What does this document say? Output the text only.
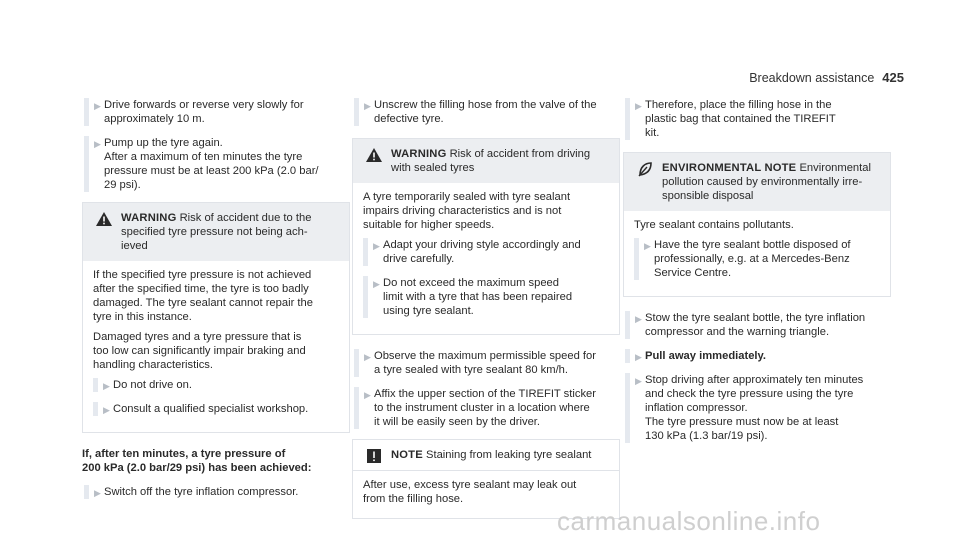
Breakdown assistance 425
▶ Drive forwards or reverse very slowly for
approximately 10 m.
▶ Pump up the tyre again.
After a maximum of ten minutes the tyre
pressure must be at least 200 kPa (2.0 bar/
29 psi).
WARNING Risk of accident due to the
specified tyre pressure not being ach-
ieved

If the specified tyre pressure is not achieved
after the specified time, the tyre is too badly
damaged. The tyre sealant cannot repair the
tyre in this instance.

Damaged tyres and a tyre pressure that is
too low can significantly impair braking and
handling characteristics.

▶ Do not drive on.
▶ Consult a qualified specialist workshop.
If, after ten minutes, a tyre pressure of
200 kPa (2.0 bar/29 psi) has been achieved:
▶ Switch off the tyre inflation compressor.
▶ Unscrew the filling hose from the valve of the
defective tyre.
WARNING Risk of accident from driving
with sealed tyres

A tyre temporarily sealed with tyre sealant
impairs driving characteristics and is not
suitable for higher speeds.

▶ Adapt your driving style accordingly and
drive carefully.
▶ Do not exceed the maximum speed
limit with a tyre that has been repaired
using tyre sealant.
▶ Observe the maximum permissible speed for
a tyre sealed with tyre sealant 80 km/h.
▶ Affix the upper section of the TIREFIT sticker
to the instrument cluster in a location where
it will be easily seen by the driver.
NOTE Staining from leaking tyre sealant

After use, excess tyre sealant may leak out
from the filling hose.

▶ Therefore, place the filling hose in the
plastic bag that contained the TIREFIT
kit.
ENVIRONMENTAL NOTE Environmental
pollution caused by environmentally irre-
sponsible disposal

Tyre sealant contains pollutants.

▶ Have the tyre sealant bottle disposed of
professionally, e.g. at a Mercedes-Benz
Service Centre.
▶ Stow the tyre sealant bottle, the tyre inflation
compressor and the warning triangle.
▶ Pull away immediately.
▶ Stop driving after approximately ten minutes
and check the tyre pressure using the tyre
inflation compressor.
The tyre pressure must now be at least
130 kPa (1.3 bar/19 psi).
carmanualsonline.info
